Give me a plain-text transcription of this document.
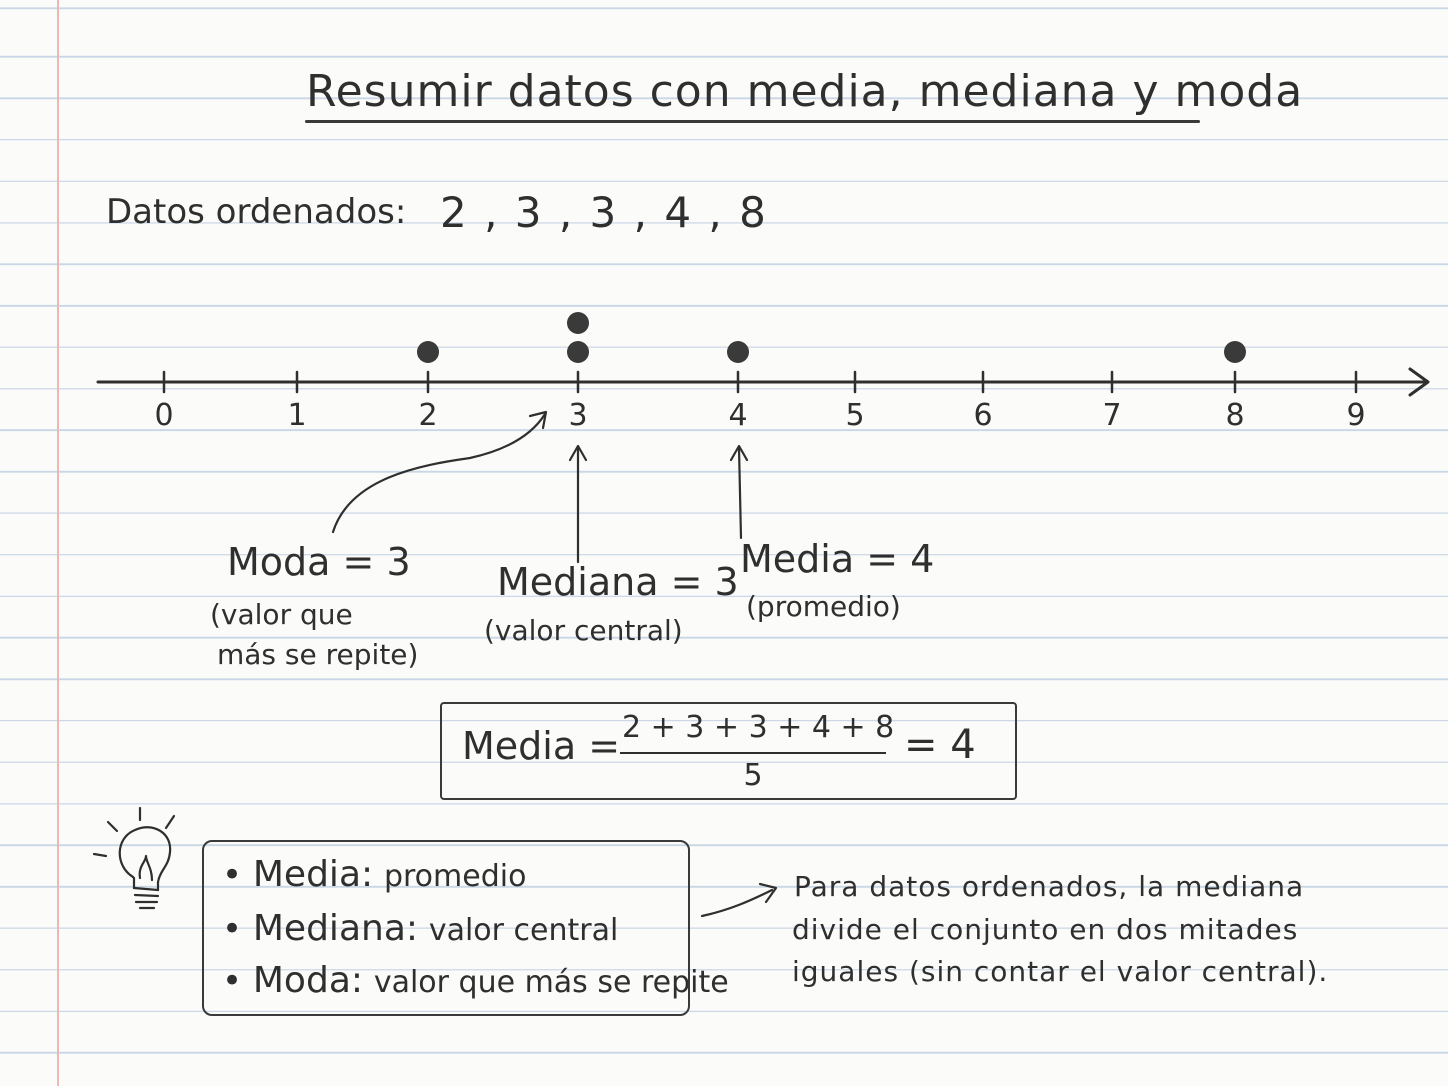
Resumir datos con media, mediana y moda
Datos ordenados: 2 , 3 , 3 , 4 , 8
0	1	2	3	4	5	6	7	8	9
Moda = 3
(valor que
más se repite)
Mediana = 3
(valor central)
Media = 4
(promedio)
Media = 2 + 3 + 3 + 4 + 8
5
= 4
• Media: promedio
• Mediana: valor central
• Moda: valor que más se repite
Para datos ordenados, la mediana
divide el conjunto en dos mitades
iguales (sin contar el valor central).
